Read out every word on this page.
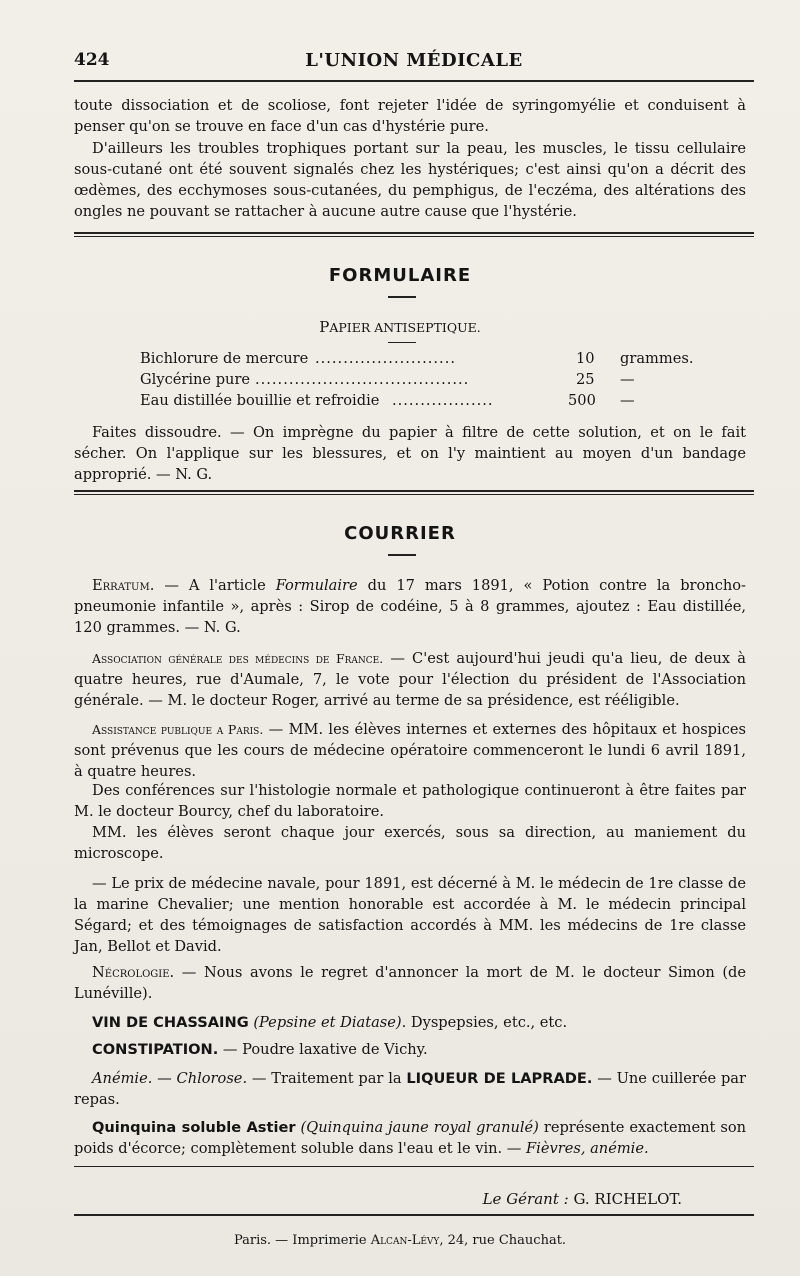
424	L'UNION MÉDICALE
toute dissociation et de scoliose, font rejeter l'idée de syringomyélie et conduisent à penser qu'on se trouve en face d'un cas d'hystérie pure.
D'ailleurs les troubles trophiques portant sur la peau, les muscles, le tissu cellulaire sous-cutané ont été souvent signalés chez les hystériques; c'est ainsi qu'on a décrit des œdèmes, des ecchymoses sous-cutanées, du pemphigus, de l'eczéma, des altérations des ongles ne pouvant se rattacher à aucune autre cause que l'hystérie.
FORMULAIRE
PAPIER ANTISEPTIQUE.
Bichlorure de mercure .........................	10 grammes.
Glycérine pure ......................................	25 —
Eau distillée bouillie et refroidie ..................	500 —
Faites dissoudre. — On imprègne du papier à filtre de cette solution, et on le fait sécher. On l'applique sur les blessures, et on l'y maintient au moyen d'un bandage approprié. — N. G.
COURRIER
Erratum. — A l'article Formulaire du 17 mars 1891, « Potion contre la broncho-pneumonie infantile », après : Sirop de codéine, 5 à 8 grammes, ajoutez : Eau distillée, 120 grammes. — N. G.
Association générale des médecins de France. — C'est aujourd'hui jeudi qu'a lieu, de deux à quatre heures, rue d'Aumale, 7, le vote pour l'élection du président de l'Association générale. — M. le docteur Roger, arrivé au terme de sa présidence, est rééligible.
Assistance publique a Paris. — MM. les élèves internes et externes des hôpitaux et hospices sont prévenus que les cours de médecine opératoire commenceront le lundi 6 avril 1891, à quatre heures.
Des conférences sur l'histologie normale et pathologique continueront à être faites par M. le docteur Bourcy, chef du laboratoire.
MM. les élèves seront chaque jour exercés, sous sa direction, au maniement du microscope.
— Le prix de médecine navale, pour 1891, est décerné à M. le médecin de 1re classe de la marine Chevalier; une mention honorable est accordée à M. le médecin principal Ségard; et des témoignages de satisfaction accordés à MM. les médecins de 1re classe Jan, Bellot et David.
Nécrologie. — Nous avons le regret d'annoncer la mort de M. le docteur Simon (de Lunéville).
VIN DE CHASSAING (Pepsine et Diatase). Dyspepsies, etc., etc.
CONSTIPATION. — Poudre laxative de Vichy.
Anémie. — Chlorose. — Traitement par la LIQUEUR DE LAPRADE. — Une cuillerée par repas.
Quinquina soluble Astier (Quinquina jaune royal granulé) représente exactement son poids d'écorce; complètement soluble dans l'eau et le vin. — Fièvres, anémie.
Le Gérant : G. RICHELOT.
Paris. — Imprimerie Alcan-Lévy, 24, rue Chauchat.
